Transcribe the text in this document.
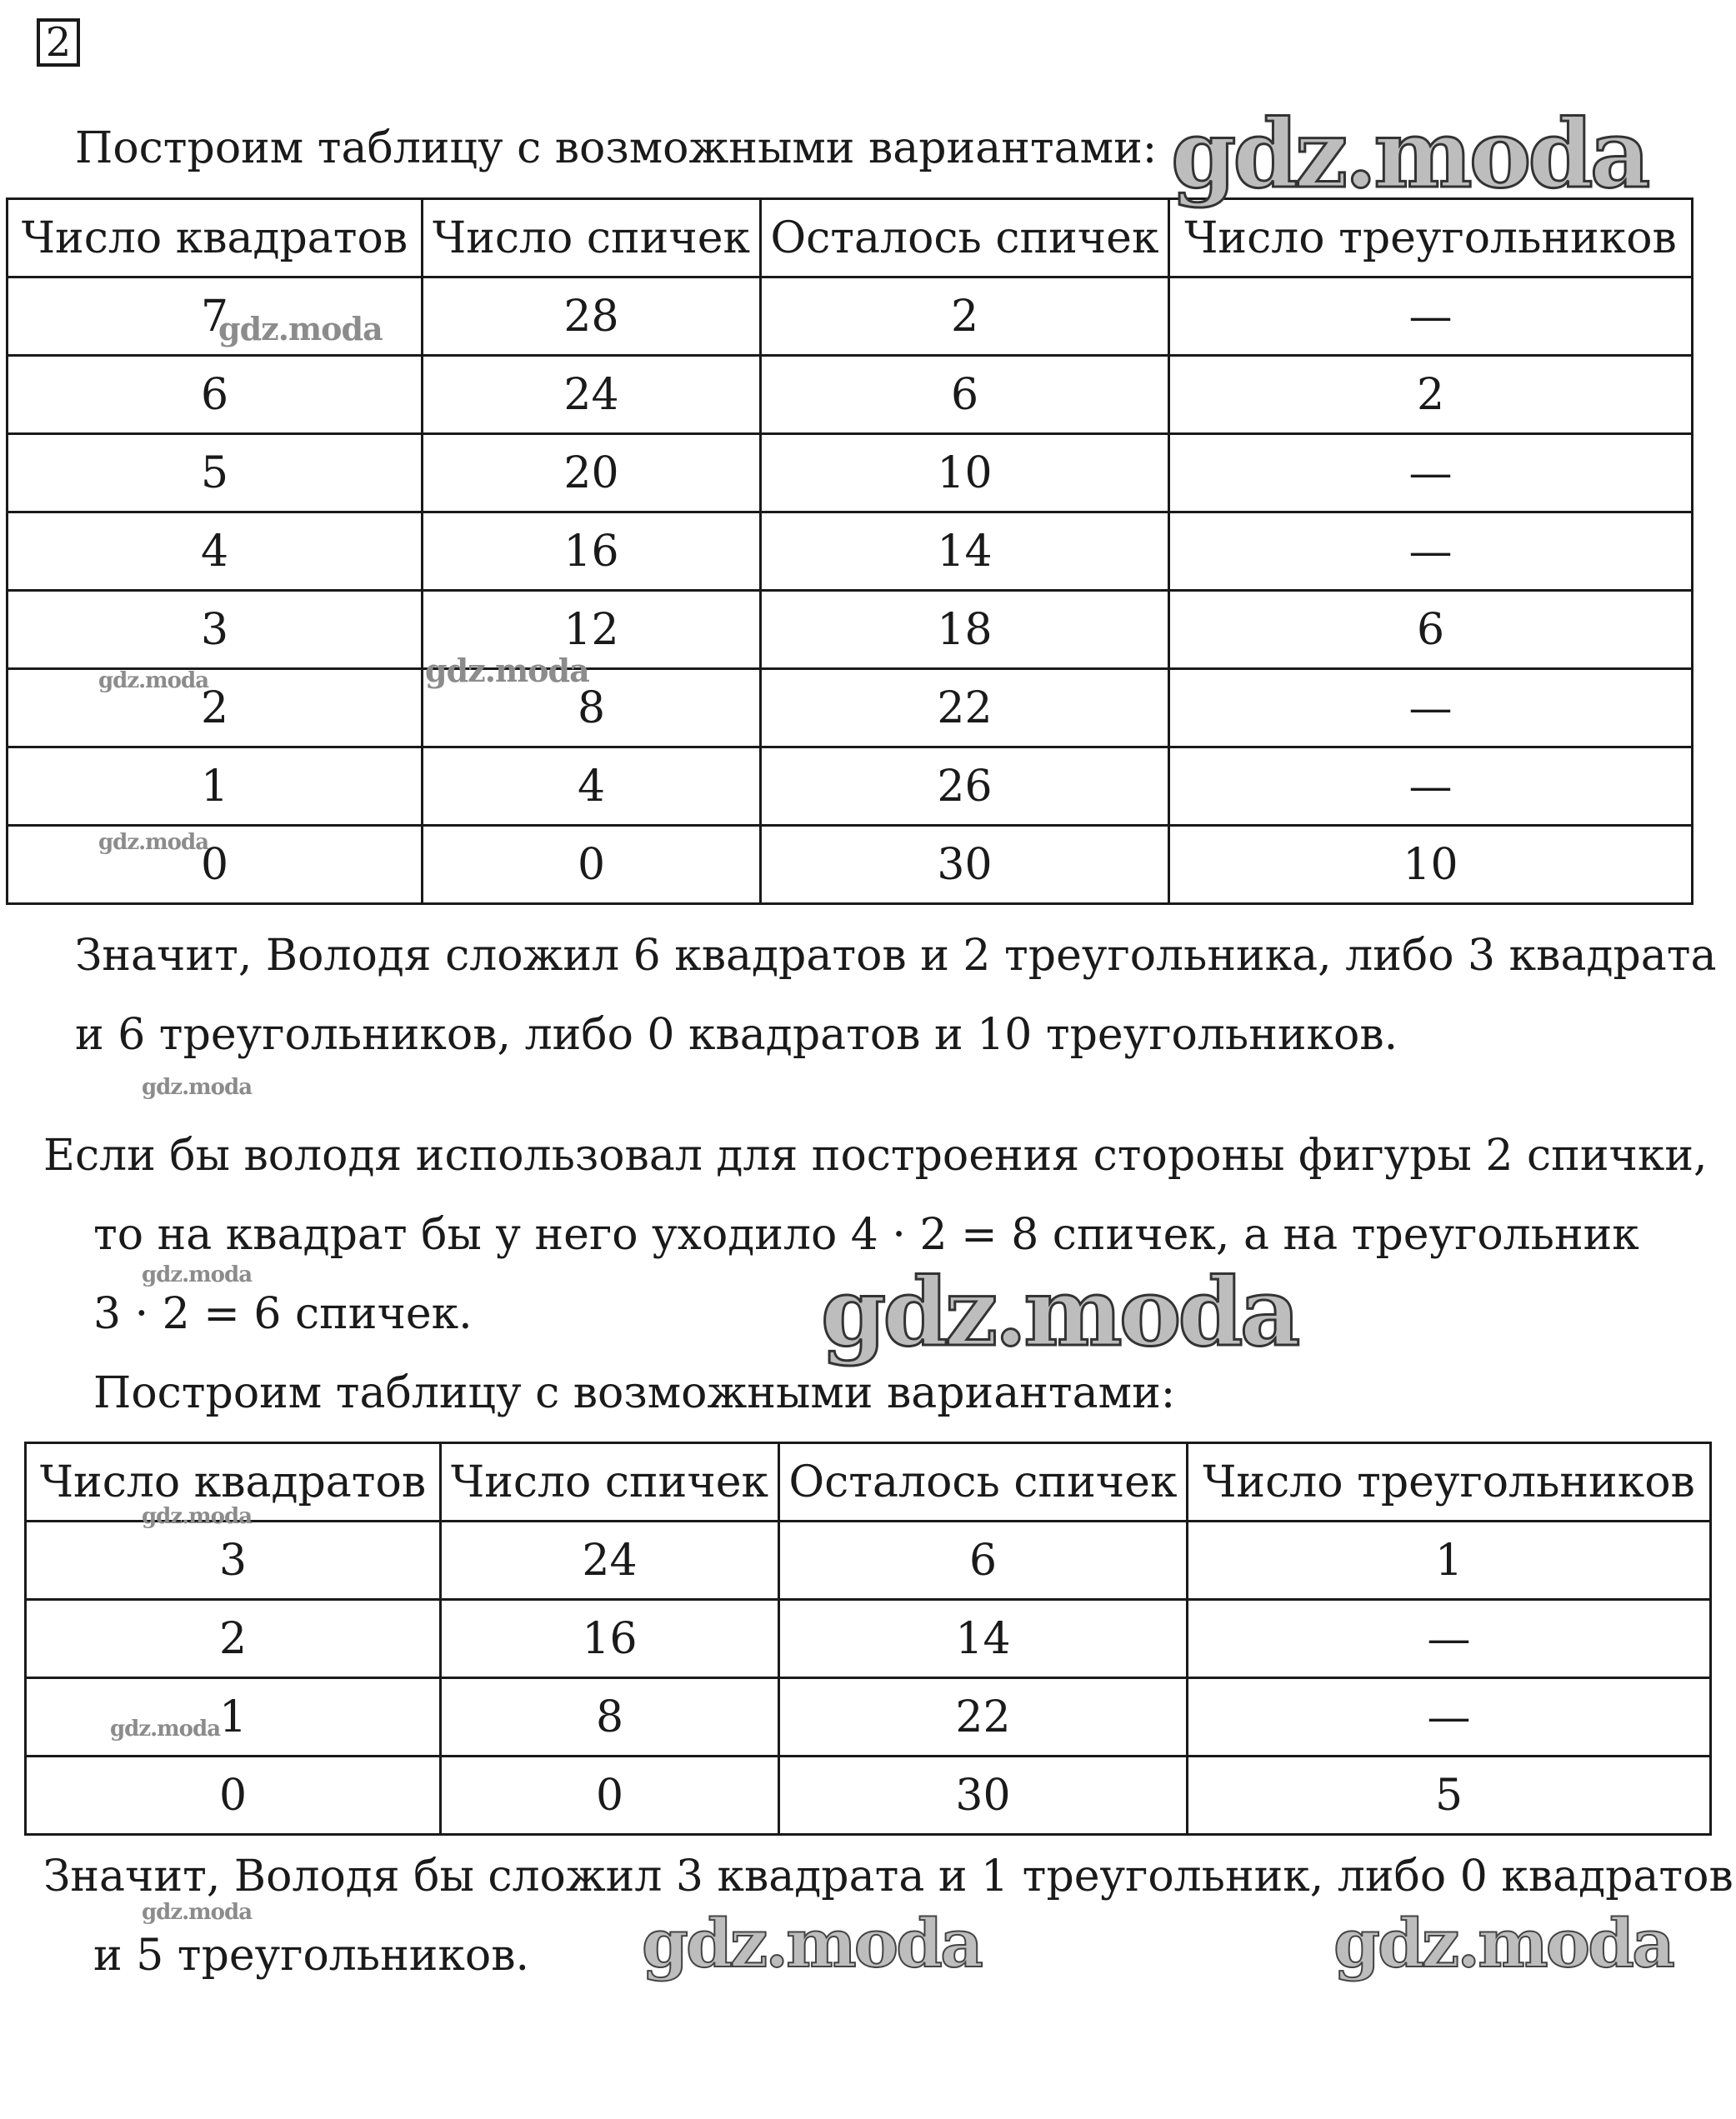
2
Построим таблицу с возможными вариантами:
Число квадратов	Число спичек	Осталось спичек	Число треугольников
7	28	2	—
6	24	6	2
5	20	10	—
4	16	14	—
3	12	18	6
2	8	22	—
1	4	26	—
0	0	30	10
Значит, Володя сложил 6 квадратов и 2 треугольника, либо 3 квадрата
и 6 треугольников, либо 0 квадратов и 10 треугольников.
Если бы володя использовал для построения стороны фигуры 2 спички,
то на квадрат бы у него уходило 4 · 2 = 8 спичек, а на треугольник
3 · 2 = 6 спичек.
Построим таблицу с возможными вариантами:
Число квадратов	Число спичек	Осталось спичек	Число треугольников
3	24	6	1
2	16	14	—
1	8	22	—
0	0	30	5
Значит, Володя бы сложил 3 квадрата и 1 треугольник, либо 0 квадратов
и 5 треугольников.
gdz.moda
gdz.moda
gdz.moda	gdz.moda
gdz.moda
gdz.moda
gdz.moda	gdz.moda
gdz.moda
gdz.moda
gdz.moda	gdz.moda	gdz.moda
